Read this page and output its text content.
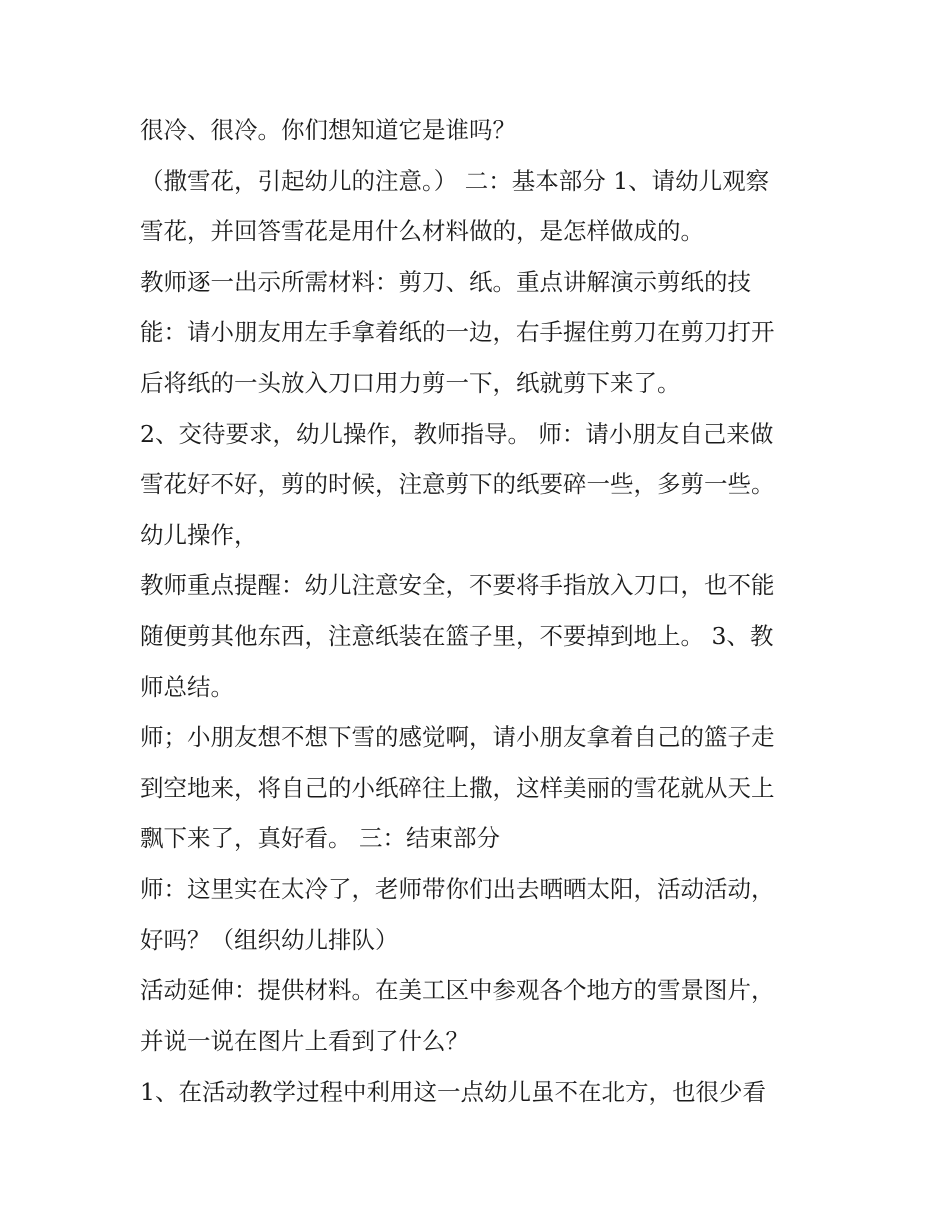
很冷、很冷。你们想知道它是谁吗？

（撒雪花，引起幼儿的注意。） 二：基本部分 1、请幼儿观察

雪花，并回答雪花是用什么材料做的，是怎样做成的。

教师逐一出示所需材料：剪刀、纸。重点讲解演示剪纸的技

能：请小朋友用左手拿着纸的一边，右手握住剪刀在剪刀打开

后将纸的一头放入刀口用力剪一下，纸就剪下来了。

2、交待要求，幼儿操作，教师指导。 师：请小朋友自己来做

雪花好不好，剪的时候，注意剪下的纸要碎一些，多剪一些。

幼儿操作，

教师重点提醒：幼儿注意安全，不要将手指放入刀口，也不能

随便剪其他东西，注意纸装在篮子里，不要掉到地上。 3、教

师总结。

师；小朋友想不想下雪的感觉啊，请小朋友拿着自己的篮子走

到空地来，将自己的小纸碎往上撒，这样美丽的雪花就从天上

飘下来了，真好看。 三：结束部分

师：这里实在太冷了，老师带你们出去晒晒太阳，活动活动，

好吗？（组织幼儿排队）

活动延伸：提供材料。在美工区中参观各个地方的雪景图片，

并说一说在图片上看到了什么？

1、在活动教学过程中利用这一点幼儿虽不在北方，也很少看
